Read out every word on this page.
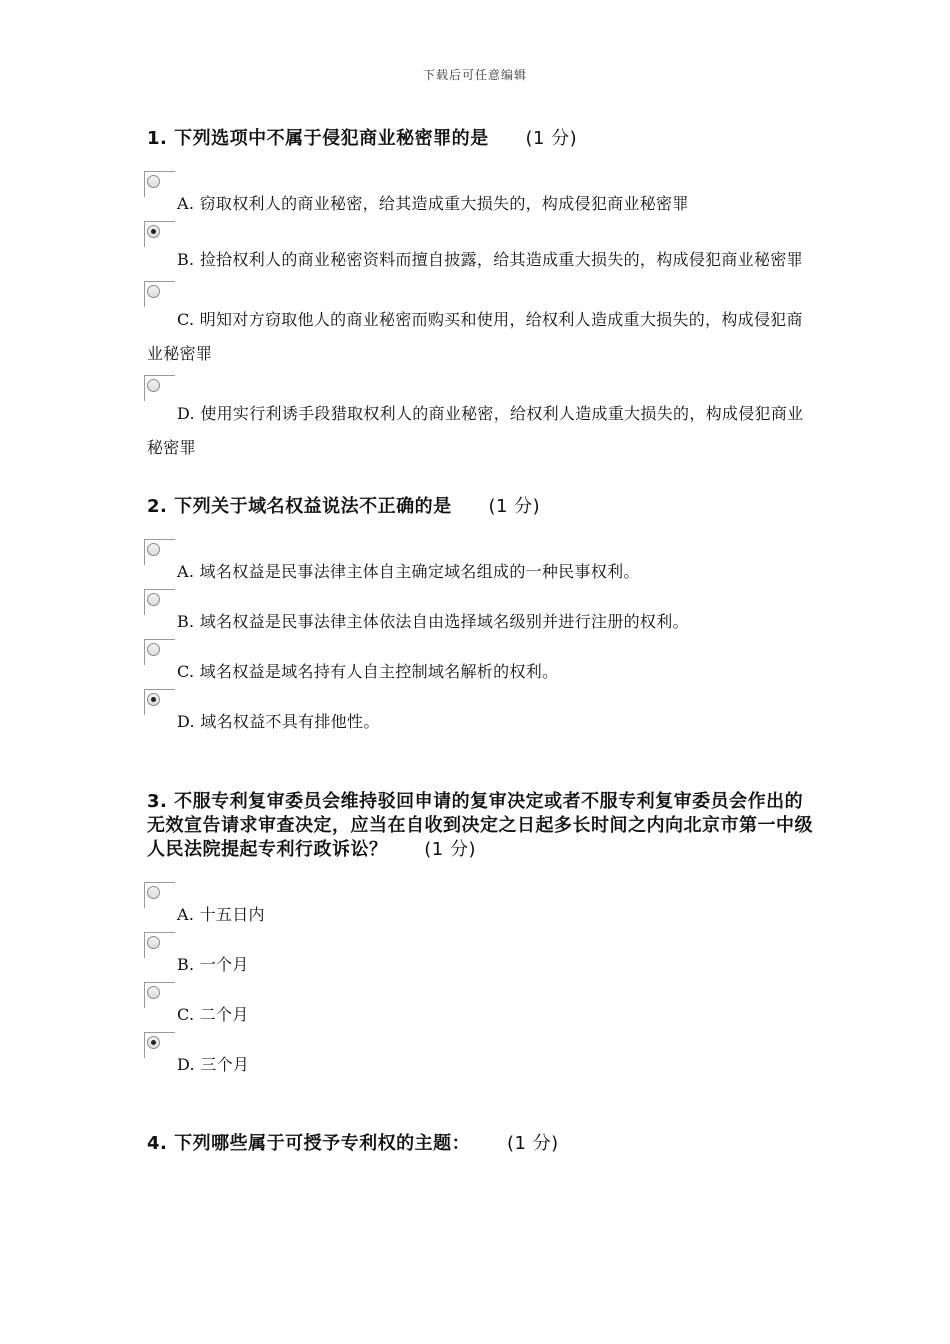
下载后可任意编辑
1. 下列选项中不属于侵犯商业秘密罪的是 (1 分)
A. 窃取权利人的商业秘密，给其造成重大损失的，构成侵犯商业秘密罪
B. 捡拾权利人的商业秘密资料而擅自披露，给其造成重大损失的，构成侵犯商业秘密罪
C. 明知对方窃取他人的商业秘密而购买和使用，给权利人造成重大损失的，构成侵犯商业秘密罪
D. 使用实行利诱手段猎取权利人的商业秘密，给权利人造成重大损失的，构成侵犯商业秘密罪
2. 下列关于域名权益说法不正确的是 (1 分)
A. 域名权益是民事法律主体自主确定域名组成的一种民事权利。
B. 域名权益是民事法律主体依法自由选择域名级别并进行注册的权利。
C. 域名权益是域名持有人自主控制域名解析的权利。
D. 域名权益不具有排他性。
3. 不服专利复审委员会维持驳回申请的复审决定或者不服专利复审委员会作出的无效宣告请求审查决定，应当在自收到决定之日起多长时间之内向北京市第一中级人民法院提起专利行政诉讼？ (1 分)
A. 十五日内
B. 一个月
C. 二个月
D. 三个月
4. 下列哪些属于可授予专利权的主题： (1 分)
